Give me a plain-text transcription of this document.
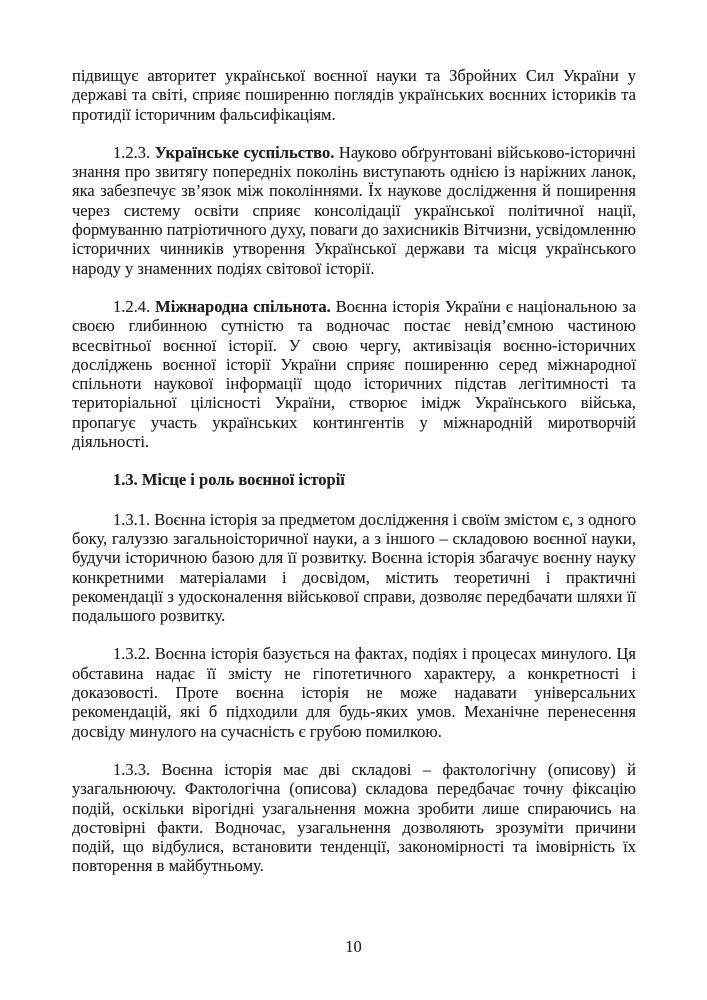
підвищує авторитет української воєнної науки та Збройних Сил України у державі та світі, сприяє поширенню поглядів українських воєнних істориків та протидії історичним фальсифікаціям.

1.2.3. Українське суспільство. Науково обґрунтовані військово-історичні знання про звитягу попередніх поколінь виступають однією із наріжних ланок, яка забезпечує зв’язок між поколіннями. Їх наукове дослідження й поширення через систему освіти сприяє консолідації української політичної нації, формуванню патріотичного духу, поваги до захисників Вітчизни, усвідомленню історичних чинників утворення Української держави та місця українського народу у знаменних подіях світової історії.

1.2.4. Міжнародна спільнота. Воєнна історія України є національною за своєю глибинною сутністю та водночас постає невід’ємною частиною всесвітньої воєнної історії. У свою чергу, активізація воєнно-історичних досліджень воєнної історії України сприяє поширенню серед міжнародної спільноти наукової інформації щодо історичних підстав легітимності та територіальної цілісності України, створює імідж Українського війська, пропагує участь українських контингентів у міжнародній миротворчій діяльності.

1.3. Місце і роль воєнної історії

1.3.1. Воєнна історія за предметом дослідження і своїм змістом є, з одного боку, галуззю загальноісторичної науки, а з іншого – складовою воєнної науки, будучи історичною базою для її розвитку. Воєнна історія збагачує воєнну науку конкретними матеріалами і досвідом, містить теоретичні і практичні рекомендації з удосконалення військової справи, дозволяє передбачати шляхи її подальшого розвитку.

1.3.2. Воєнна історія базується на фактах, подіях і процесах минулого. Ця обставина надає її змісту не гіпотетичного характеру, а конкретності і доказовості. Проте воєнна історія не може надавати універсальних рекомендацій, які б підходили для будь-яких умов. Механічне перенесення досвіду минулого на сучасність є грубою помилкою.

1.3.3. Воєнна історія має дві складові – фактологічну (описову) й узагальнюючу. Фактологічна (описова) складова передбачає точну фіксацію подій, оскільки вірогідні узагальнення можна зробити лише спираючись на достовірні факти. Водночас, узагальнення дозволяють зрозуміти причини подій, що відбулися, встановити тенденції, закономірності та імовірність їх повторення в майбутньому.

10
